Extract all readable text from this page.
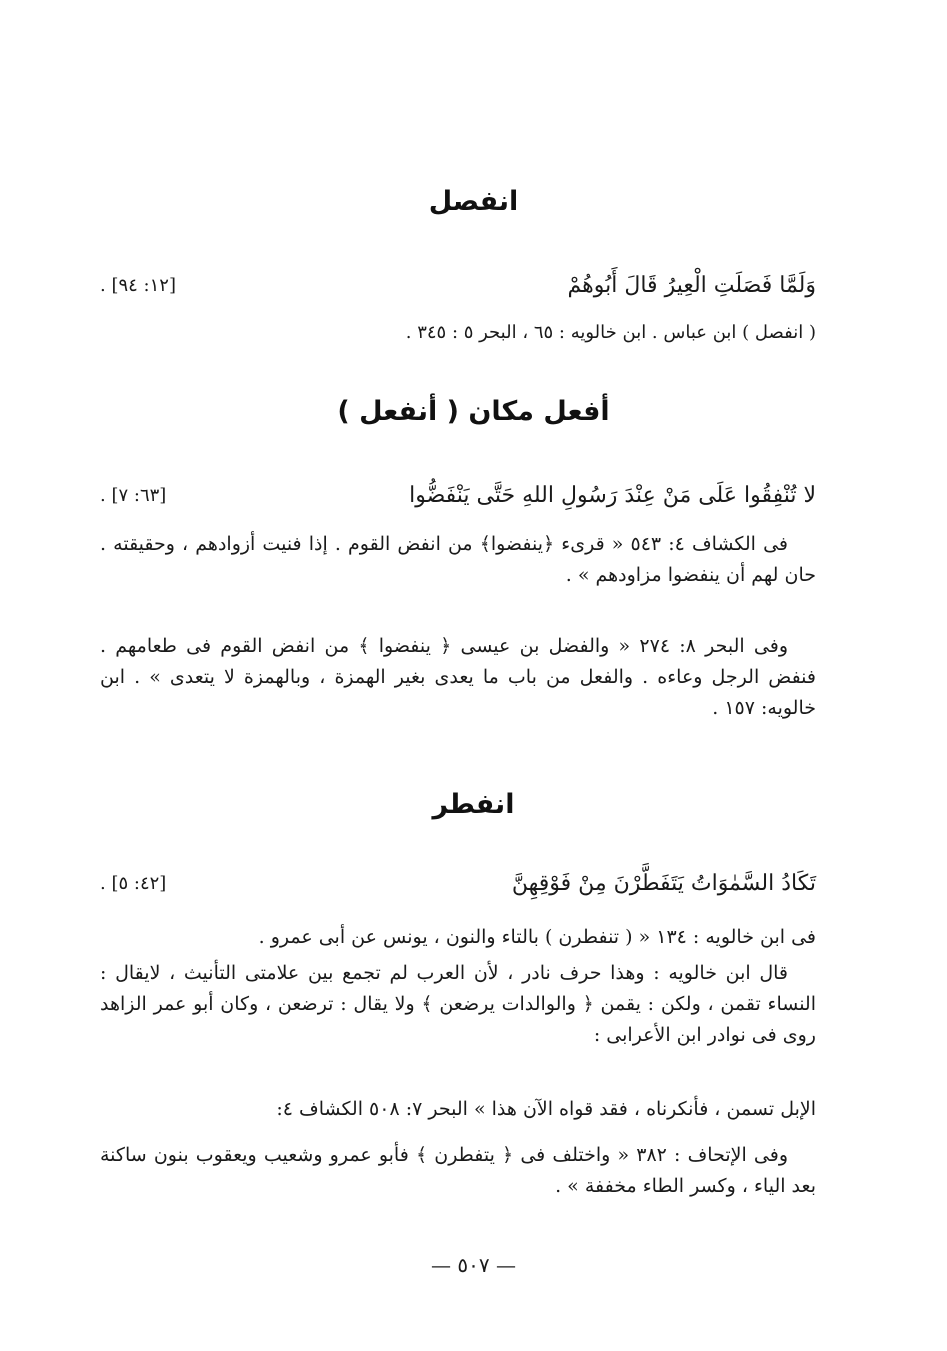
انفصل
وَلَمَّا فَصَلَتِ الْعِيرُ قَالَ أَبُوهُمْ
[١٢: ٩٤] .
( انفصل ) ابن عباس . ابن خالويه : ٦٥ ، البحر ٥ : ٣٤٥ .
أفعل مكان ( أنفعل )
لا تُنْفِقُوا عَلَى مَنْ عِنْدَ رَسُولِ اللهِ حَتَّى يَنْفَضُّوا
[٦٣: ٧] .
فى الكشاف ٤: ٥٤٣ « قرىء ﴿ينفضوا﴾ من انفض القوم . إذا فنيت أزوادهم ، وحقيقته . حان لهم أن ينفضوا مزاودهم » .
وفى البحر ٨: ٢٧٤ « والفضل بن عيسى ﴿ ينفضوا ﴾ من انفض القوم فى طعامهم . فنفض الرجل وعاءه . والفعل من باب ما يعدى بغير الهمزة ، وبالهمزة لا يتعدى » . ابن خالويه: ١٥٧ .
انفطر
تَكَادُ السَّمٰوَاتُ يَتَفَطَّرْنَ مِنْ فَوْقِهِنَّ
[٤٢: ٥] .
فى ابن خالويه : ١٣٤ « ( تنفطرن ) بالتاء والنون ، يونس عن أبى عمرو .
قال ابن خالويه : وهذا حرف نادر ، لأن العرب لم تجمع بين علامتى التأنيث ، لايقال : النساء تقمن ، ولكن : يقمن ﴿ والوالدات يرضعن ﴾ ولا يقال : ترضعن ، وكان أبو عمر الزاهد روى فى نوادر ابن الأعرابى :
الإبل تسمن ، فأنكرناه ، فقد قواه الآن هذا » البحر ٧: ٥٠٨ الكشاف ٤:
وفى الإتحاف : ٣٨٢ « واختلف فى ﴿ يتفطرن ﴾ فأبو عمرو وشعيب ويعقوب بنون ساكنة بعد الياء ، وكسر الطاء مخففة » .
— ٥٠٧ —
